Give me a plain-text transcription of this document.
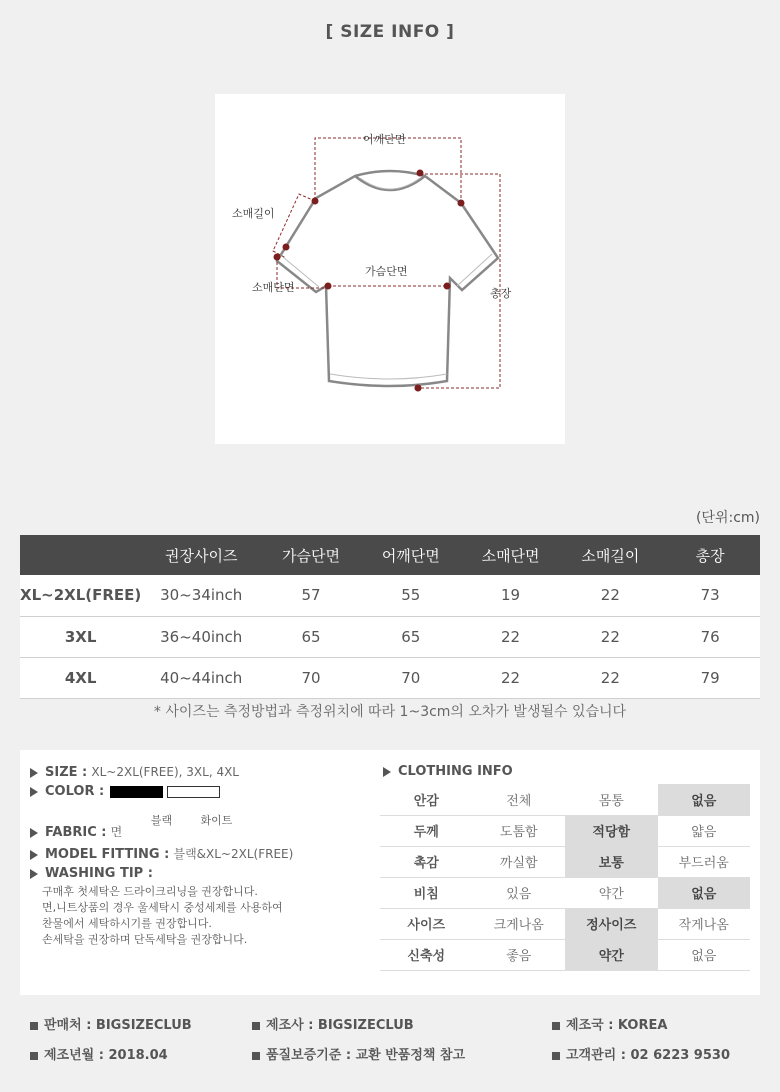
[ SIZE INFO ]
어깨단면
소매길이
가슴단면
소매단면	총장
(단위:cm)
	권장사이즈	가슴단면	어깨단면	소매단면	소매길이	총장
XL~2XL(FREE)	30~34inch	57	55	19	22	73
3XL	36~40inch	65	65	22	22	76
4XL	40~44inch	70	70	22	22	79
* 사이즈는 측정방법과 측정위치에 따라 1~3cm의 오차가 발생될수 있습니다
SIZE : XL~2XL(FREE), 3XL, 4XL
COLOR :
블랙	화이트
FABRIC : 면
MODEL FITTING : 블랙&XL~2XL(FREE)
WASHING TIP :
구매후 첫세탁은 드라이크리닝을 권장합니다.
면,니트상품의 경우 울세탁시 중성세제를 사용하여
찬물에서 세탁하시기를 권장합니다.
손세탁을 권장하며 단독세탁을 권장합니다.
CLOTHING INFO
안감	전체	몸통	없음
두께	도톰함	적당함	얇음
촉감	까실함	보통	부드러움
비침	있음	약간	없음
사이즈	크게나옴	정사이즈	작게나옴
신축성	좋음	약간	없음
판매처 : BIGSIZECLUB	제조사 : BIGSIZECLUB	제조국 : KOREA
제조년월 : 2018.04	품질보증기준 : 교환 반품정책 참고	고객관리 : 02 6223 9530
